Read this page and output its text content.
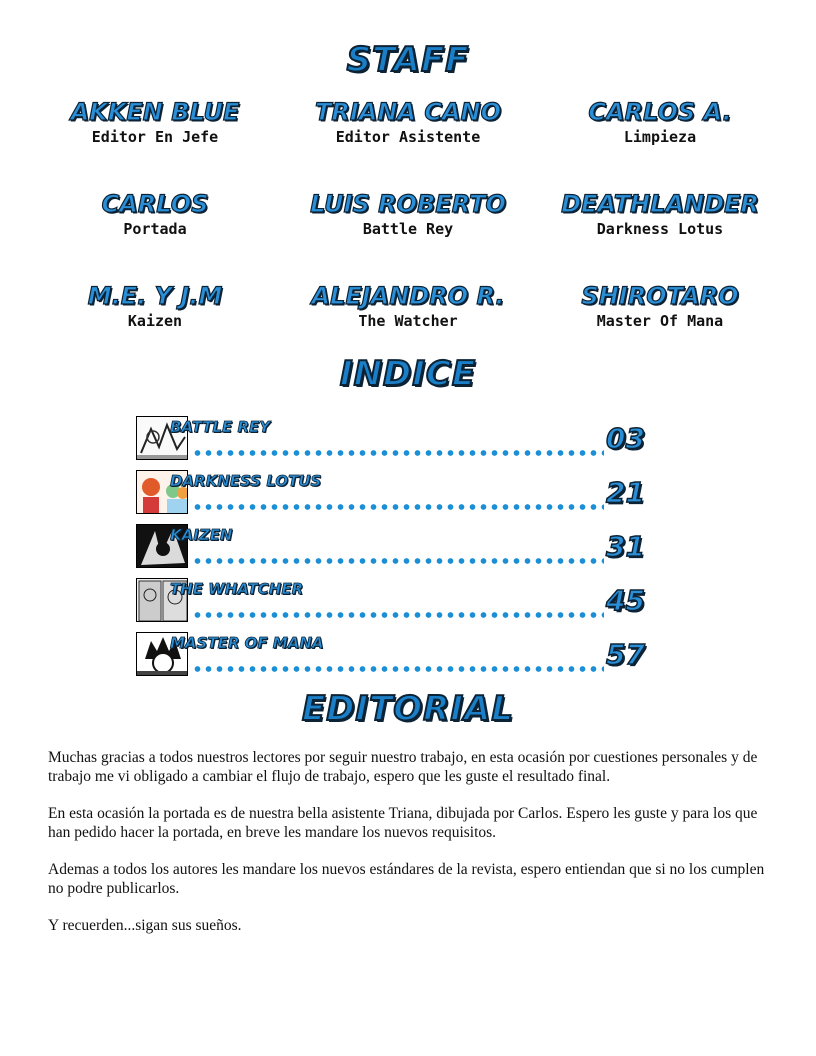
STAFF
AKKEN BLUE
Editor En Jefe
TRIANA CANO
Editor Asistente
CARLOS A.
Limpieza
CARLOS
Portada
LUIS ROBERTO
Battle Rey
DEATHLANDER
Darkness Lotus
M.E. Y J.M
Kaizen
ALEJANDRO R.
The Watcher
SHIROTARO
Master Of Mana
INDICE
BATTLE REY	03
DARKNESS LOTUS	21
KAIZEN	31
THE WHATCHER	45
MASTER OF MANA	57
EDITORIAL

Muchas gracias a todos nuestros lectores por seguir nuestro trabajo, en esta ocasión por cuestiones personales y de trabajo me vi obligado a cambiar el flujo de trabajo, espero que les guste el resultado final.

En esta ocasión la portada es de nuestra bella asistente Triana, dibujada por Carlos. Espero les guste y para los que han pedido hacer la portada, en breve les mandare los nuevos requisitos.

Ademas a todos los autores les mandare los nuevos estándares de la revista, espero entiendan que si no los cumplen no podre publicarlos.

Y recuerden...sigan sus sueños.
